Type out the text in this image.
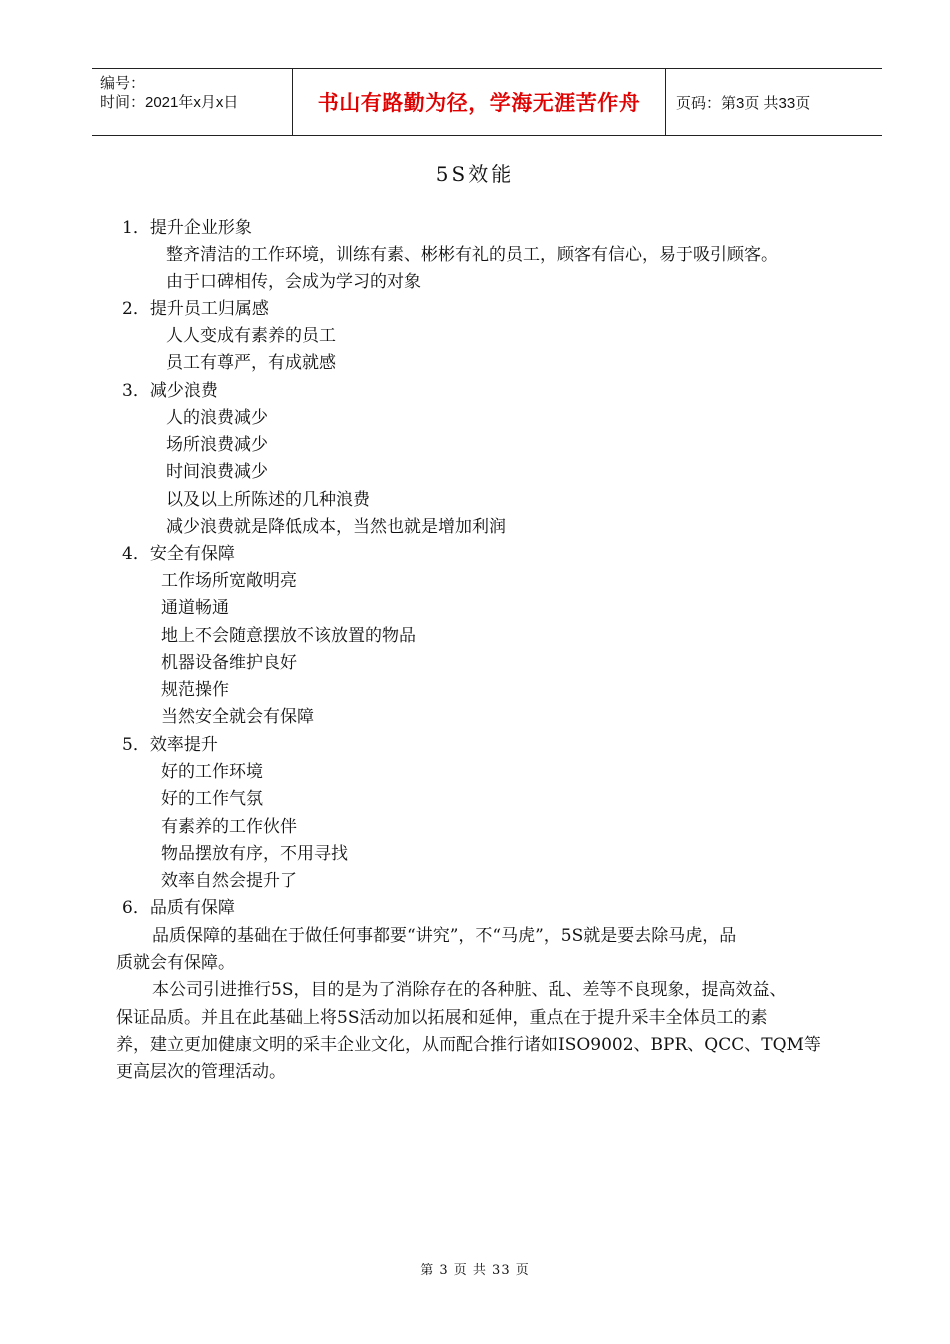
编号：
时间：2021年x月x日	书山有路勤为径，学海无涯苦作舟	页码：第3页 共33页
5S效能
1．提升企业形象
整齐清洁的工作环境，训练有素、彬彬有礼的员工，顾客有信心，易于吸引顾客。
由于口碑相传，会成为学习的对象
2．提升员工归属感
人人变成有素养的员工
员工有尊严，有成就感
3．减少浪费
人的浪费减少
场所浪费减少
时间浪费减少
以及以上所陈述的几种浪费
减少浪费就是降低成本，当然也就是增加利润
4．安全有保障
工作场所宽敞明亮
通道畅通
地上不会随意摆放不该放置的物品
机器设备维护良好
规范操作
当然安全就会有保障
5．效率提升
好的工作环境
好的工作气氛
有素养的工作伙伴
物品摆放有序，不用寻找
效率自然会提升了
6．品质有保障
品质保障的基础在于做任何事都要“讲究”，不“马虎”，5S就是要去除马虎，品
质就会有保障。
本公司引进推行5S，目的是为了消除存在的各种脏、乱、差等不良现象，提高效益、
保证品质。并且在此基础上将5S活动加以拓展和延伸，重点在于提升采丰全体员工的素
养，建立更加健康文明的采丰企业文化，从而配合推行诸如ISO9002、BPR、QCC、TQM等
更高层次的管理活动。
第 3 页 共 33 页
